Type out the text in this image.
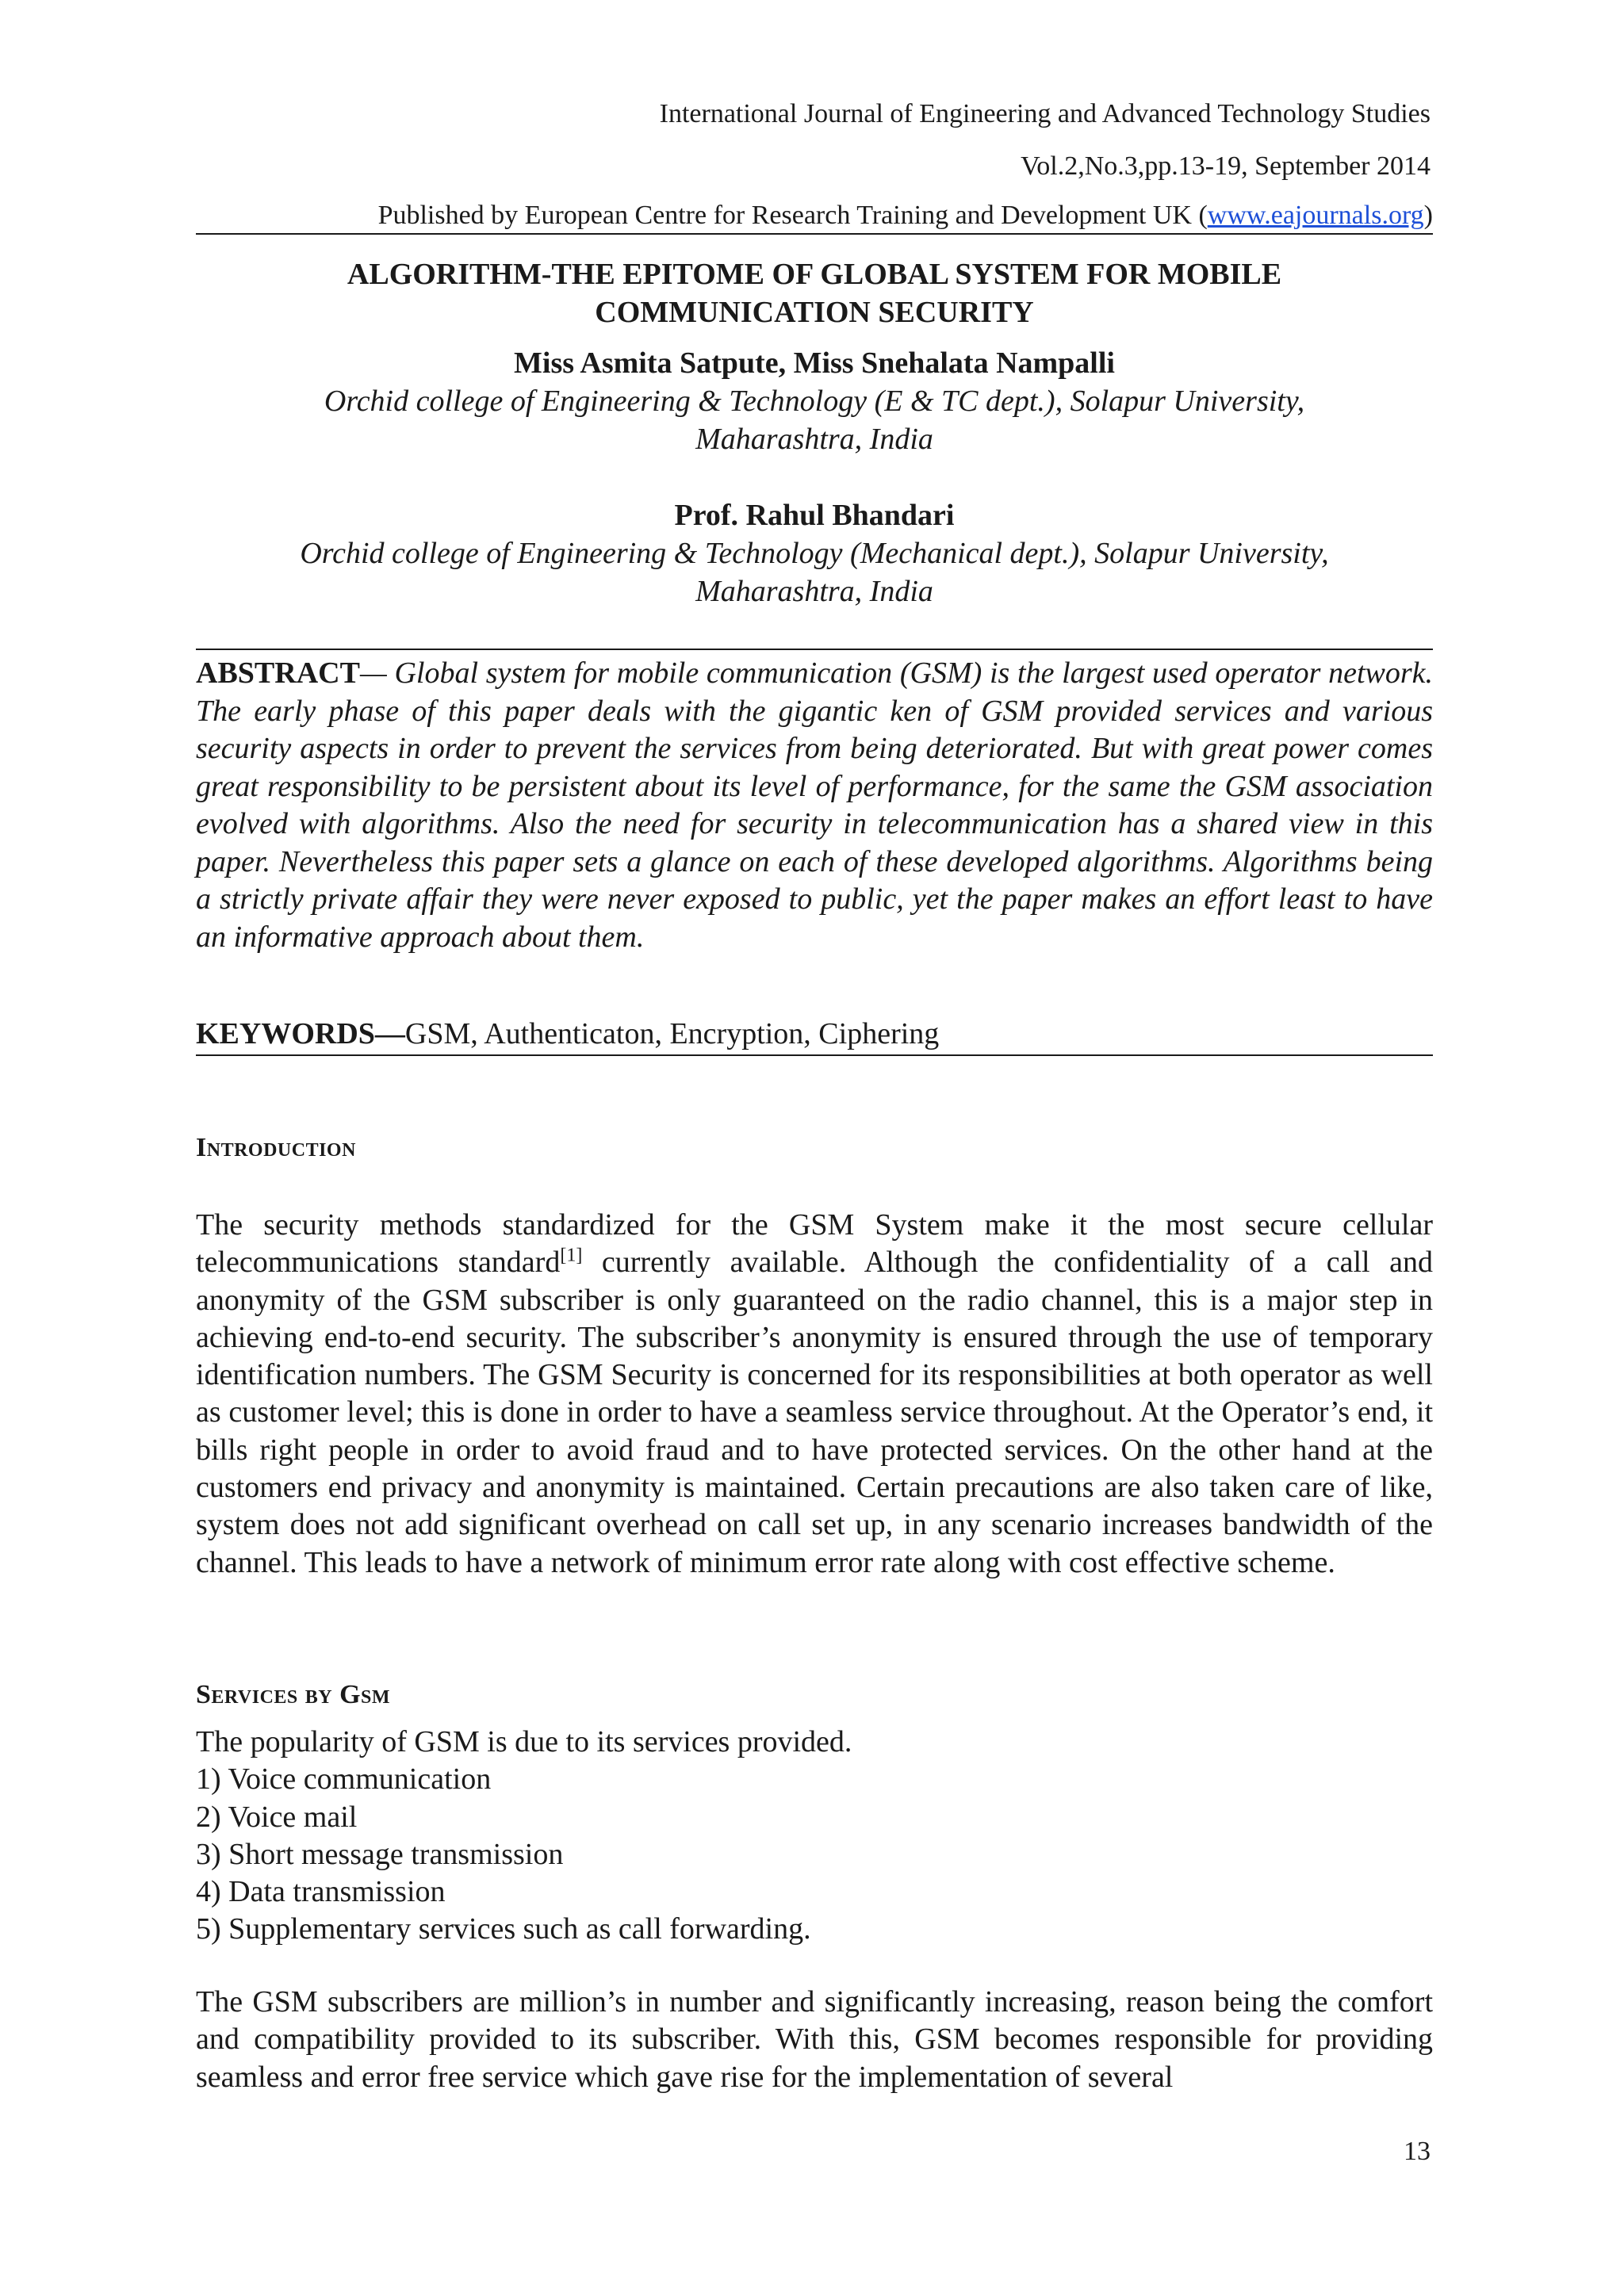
International Journal of Engineering and Advanced Technology Studies
Vol.2,No.3,pp.13-19, September 2014
Published by European Centre for Research Training and Development UK (www.eajournals.org)
ALGORITHM-THE EPITOME OF GLOBAL SYSTEM FOR MOBILE
COMMUNICATION SECURITY
Miss Asmita Satpute, Miss Snehalata Nampalli
Orchid college of Engineering & Technology (E & TC dept.), Solapur University,
Maharashtra, India
Prof. Rahul Bhandari
Orchid college of Engineering & Technology (Mechanical dept.), Solapur University,
Maharashtra, India
ABSTRACT— Global system for mobile communication (GSM) is the largest used operator network. The early phase of this paper deals with the gigantic ken of GSM provided services and various security aspects in order to prevent the services from being deteriorated. But with great power comes great responsibility to be persistent about its level of performance, for the same the GSM association evolved with algorithms. Also the need for security in telecommunication has a shared view in this paper. Nevertheless this paper sets a glance on each of these developed algorithms. Algorithms being a strictly private affair they were never exposed to public, yet the paper makes an effort least to have an informative approach about them.
KEYWORDS—GSM, Authenticaton, Encryption, Ciphering
Introduction
The security methods standardized for the GSM System make it the most secure cellular telecommunications standard[1] currently available. Although the confidentiality of a call and anonymity of the GSM subscriber is only guaranteed on the radio channel, this is a major step in achieving end-to-end security. The subscriber’s anonymity is ensured through the use of temporary identification numbers. The GSM Security is concerned for its responsibilities at both operator as well as customer level; this is done in order to have a seamless service throughout. At the Operator’s end, it bills right people in order to avoid fraud and to have protected services. On the other hand at the customers end privacy and anonymity is maintained. Certain precautions are also taken care of like, system does not add significant overhead on call set up, in any scenario increases bandwidth of the channel. This leads to have a network of minimum error rate along with cost effective scheme.
Services by Gsm
The popularity of GSM is due to its services provided.
1) Voice communication
2) Voice mail
3) Short message transmission
4) Data transmission
5) Supplementary services such as call forwarding.
The GSM subscribers are million’s in number and significantly increasing, reason being the comfort and compatibility provided to its subscriber. With this, GSM becomes responsible for providing seamless and error free service which gave rise for the implementation of several
13
